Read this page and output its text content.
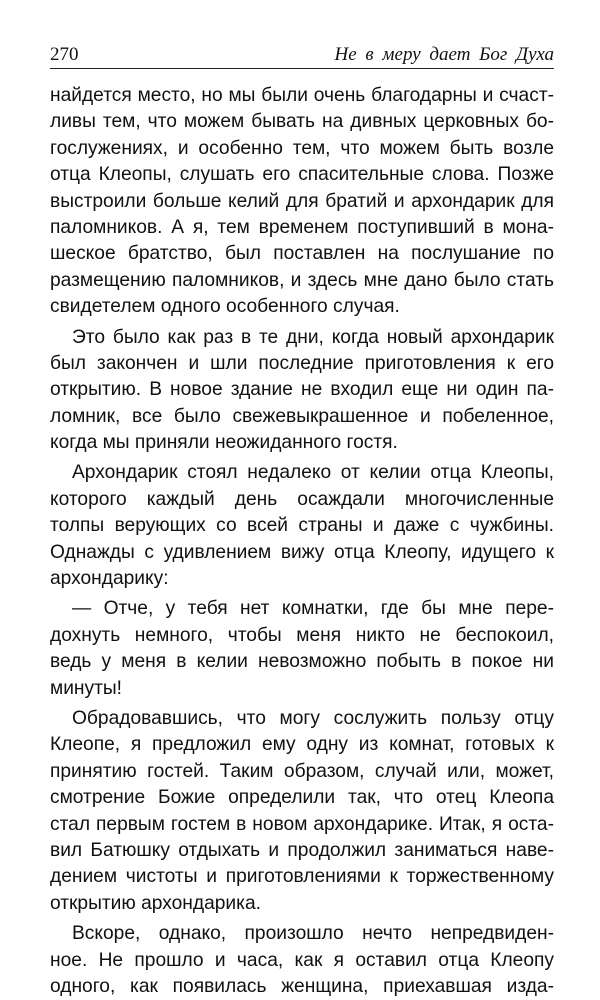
270	Не в меру дает Бог Духа

найдется место, но мы были очень благодарны и счаст-
ливы тем, что можем бывать на дивных церковных бо-
гослужениях, и особенно тем, что можем быть возле
отца Клеопы, слушать его спасительные слова. Позже
выстроили больше келий для братий и архондарик для
паломников. А я, тем временем поступивший в мона-
шеское братство, был поставлен на послушание по
размещению паломников, и здесь мне дано было стать
свидетелем одного особенного случая.

Это было как раз в те дни, когда новый архондарик
был закончен и шли последние приготовления к его
открытию. В новое здание не входил еще ни один па-
ломник, все было свежевыкрашенное и побеленное,
когда мы приняли неожиданного гостя.

Архондарик стоял недалеко от келии отца Клеопы,
которого каждый день осаждали многочисленные
толпы верующих со всей страны и даже с чужбины.
Однажды с удивлением вижу отца Клеопу, идущего к
архондарику:

— Отче, у тебя нет комнатки, где бы мне пере-
дохнуть немного, чтобы меня никто не беспокоил,
ведь у меня в келии невозможно побыть в покое ни
минуты!

Обрадовавшись, что могу сослужить пользу отцу
Клеопе, я предложил ему одну из комнат, готовых к
принятию гостей. Таким образом, случай или, может,
смотрение Божие определили так, что отец Клеопа
стал первым гостем в новом архондарике. Итак, я оста-
вил Батюшку отдыхать и продолжил заниматься наве-
дением чистоты и приготовлениями к торжественному
открытию архондарика.

Вскоре, однако, произошло нечто непредвиден-
ное. Не прошло и часа, как я оставил отца Клеопу
одного, как появилась женщина, приехавшая изда-
